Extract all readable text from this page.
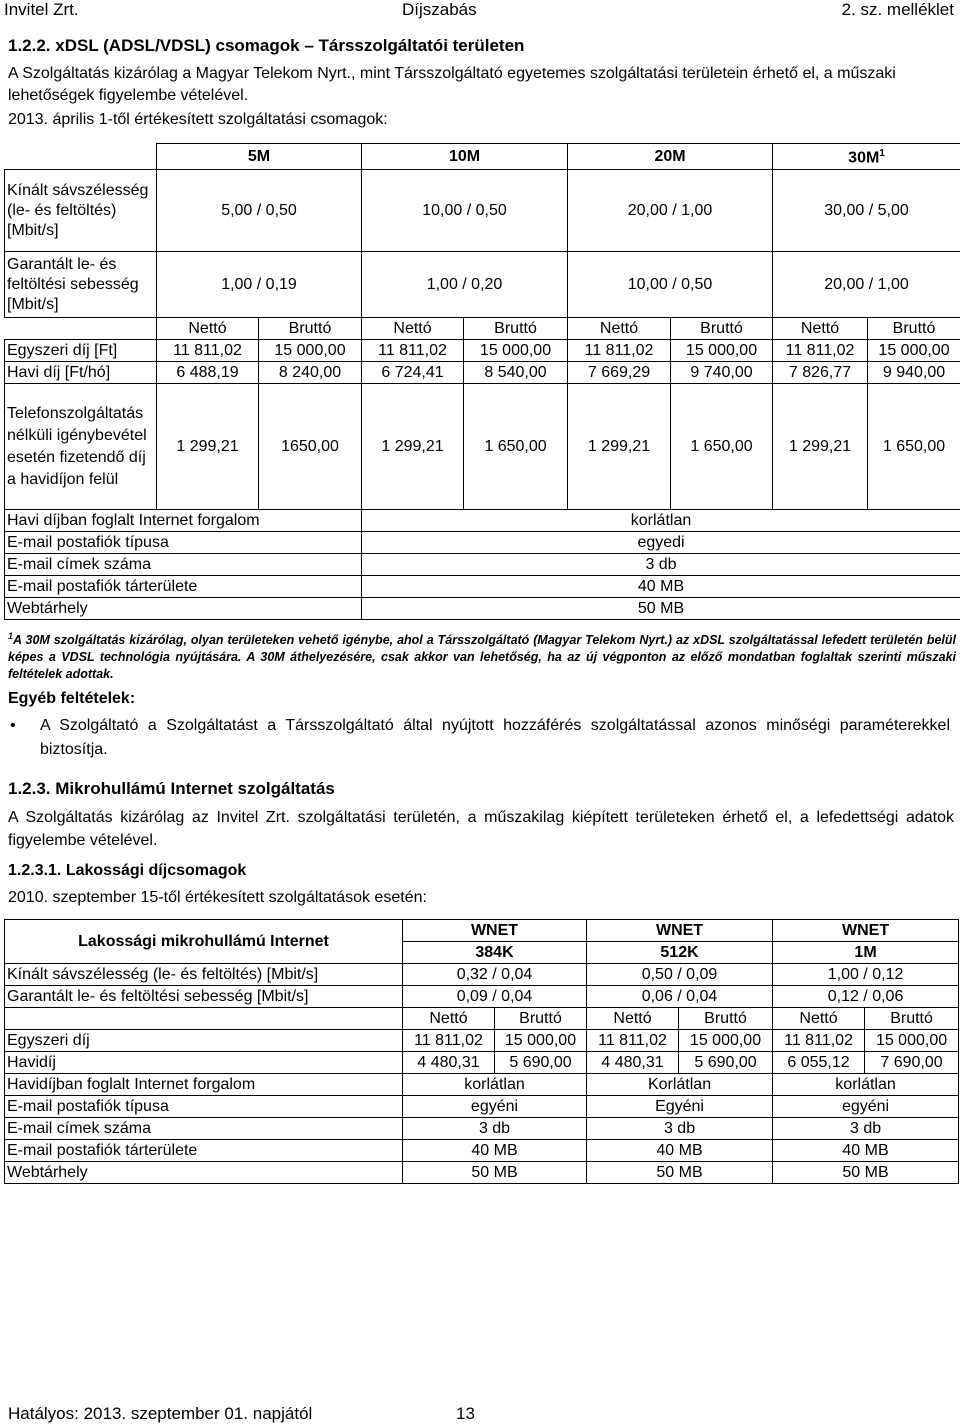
Invitel Zrt.	Díjszabás	2. sz. melléklet
1.2.2. xDSL (ADSL/VDSL) csomagok – Társszolgáltatói területen
A Szolgáltatás kizárólag a Magyar Telekom Nyrt., mint Társszolgáltató egyetemes szolgáltatási területein érhető el, a műszaki lehetőségek figyelembe vételével.
2013. április 1-től értékesített szolgáltatási csomagok:
	5M		10M		20M		$30M^1$
Kínált sávszélesség (le- és feltöltés) [Mbit/s]	5,00 / 0,50		10,00 / 0,50		20,00 / 1,00		30,00 / 5,00	
Garantált le- és feltöltési sebesség [Mbit/s]	1,00 / 0,19		1,00 / 0,20		10,00 / 0,50		20,00 / 1,00	
	Nettó	Bruttó	Nettó	Bruttó	Nettó	Bruttó	Nettó	Bruttó
Egyszeri díj [Ft]	11 811,02	15 000,00	11 811,02	15 000,00	11 811,02	15 000,00	11 811,02	15 000,00
Havi díj [Ft/hó]	6 488,19	8 240,00	6 724,41	8 540,00	7 669,29	9 740,00	7 826,77	9 940,00
Telefonszolgáltatás nélküli igénybevétel esetén fizetendő díj a havidíjon felül	1 299,21	1650,00	1 299,21	1 650,00	1 299,21	1 650,00	1 299,21	1 650,00
Havi díjban foglalt Internet forgalom			korlátlan					
E-mail postafiók típusa			egyedi					
E-mail címek száma			3 db					
E-mail postafiók tárterülete			40 MB					
Webtárhely			50 MB					
$^1$A 30M szolgáltatás kizárólag, olyan területeken vehető igénybe, ahol a Társszolgáltató (Magyar Telekom Nyrt.) az xDSL szolgáltatással lefedett területén belül képes a VDSL technológia nyújtására. A 30M áthelyezésére, csak akkor van lehetőség, ha az új végponton az előző mondatban foglaltak szerinti műszaki feltételek adottak.
Egyéb feltételek:
• A Szolgáltató a Szolgáltatást a Társszolgáltató által nyújtott hozzáférés szolgáltatással azonos minőségi paraméterekkel biztosítja.
1.2.3. Mikrohullámú Internet szolgáltatás
A Szolgáltatás kizárólag az Invitel Zrt. szolgáltatási területén, a műszakilag kiépített területeken érhető el, a lefedettségi adatok figyelembe vételével.
1.2.3.1. Lakossági díjcsomagok
2010. szeptember 15-től értékesített szolgáltatások esetén:
Lakossági mikrohullámú Internet	WNET		WNET		WNET	
	384K		512K		1M	
Kínált sávszélesség (le- és feltöltés) [Mbit/s]	0,32 / 0,04		0,50 / 0,09		1,00 / 0,12	
Garantált le- és feltöltési sebesség [Mbit/s]	0,09 / 0,04		0,06 / 0,04		0,12 / 0,06	
	Nettó	Bruttó	Nettó	Bruttó	Nettó	Bruttó
Egyszeri díj	11 811,02	15 000,00	11 811,02	15 000,00	11 811,02	15 000,00
Havidíj	4 480,31	5 690,00	4 480,31	5 690,00	6 055,12	7 690,00
Havidíjban foglalt Internet forgalom	korlátlan		Korlátlan		korlátlan	
E-mail postafiók típusa	egyéni		Egyéni		egyéni	
E-mail címek száma	3 db		3 db		3 db	
E-mail postafiók tárterülete	40 MB		40 MB		40 MB	
Webtárhely	50 MB		50 MB		50 MB	
Hatályos: 2013. szeptember 01. napjától	13
